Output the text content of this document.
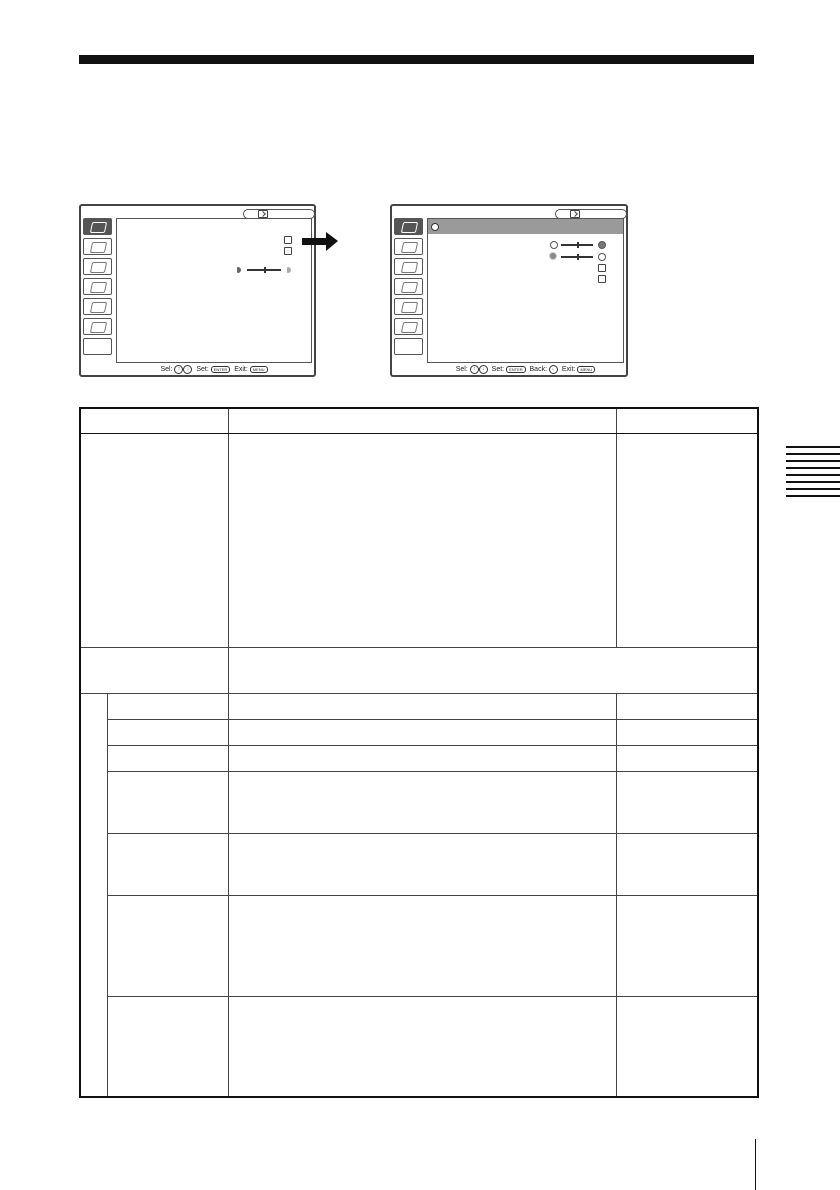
Sel: ↑ ↓ Set: ENTER Exit: MENU	Sel: ↑ ↓ Set: ENTER Back: ← Exit: MENU
